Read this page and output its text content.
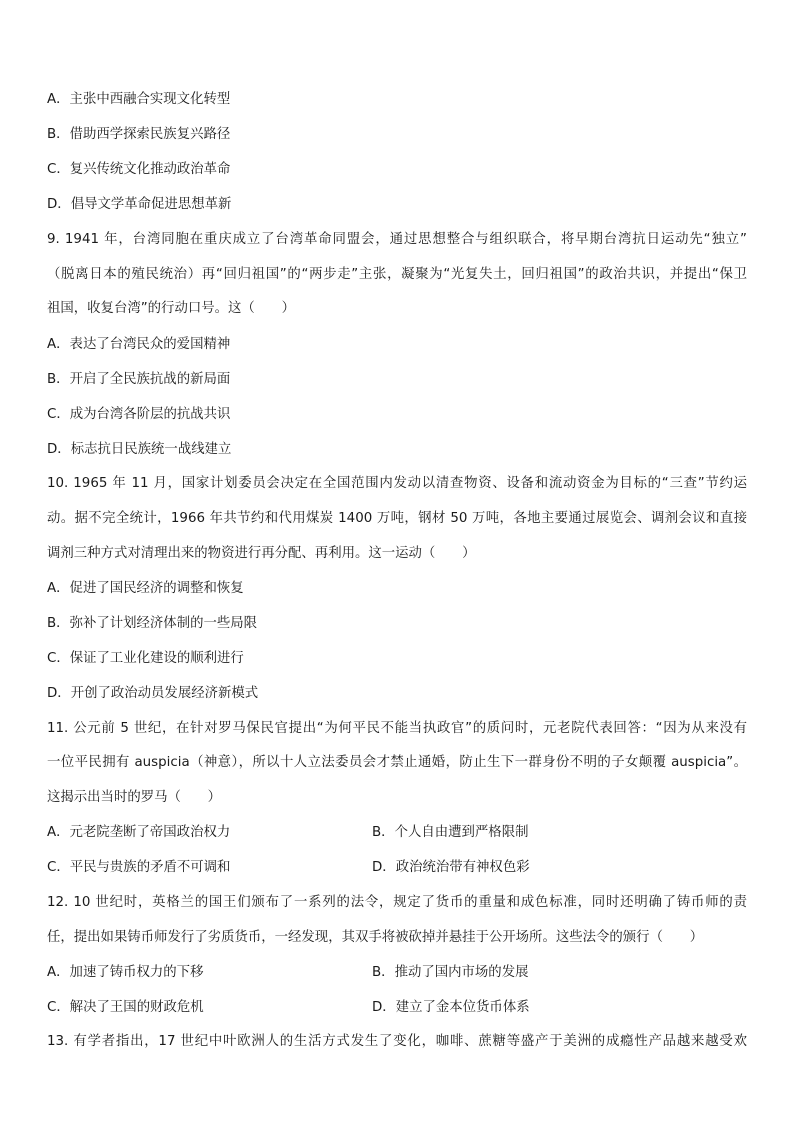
A．主张中西融合实现文化转型
B．借助西学探索民族复兴路径
C．复兴传统文化推动政治革命
D．倡导文学革命促进思想革新
9. 1941 年，台湾同胞在重庆成立了台湾革命同盟会，通过思想整合与组织联合，将早期台湾抗日运动先“独立”
（脱离日本的殖民统治）再“回归祖国”的“两步走”主张，凝聚为“光复失土，回归祖国”的政治共识，并提出“保卫
祖国，收复台湾”的行动口号。这（　　）
A．表达了台湾民众的爱国精神
B．开启了全民族抗战的新局面
C．成为台湾各阶层的抗战共识
D．标志抗日民族统一战线建立
10. 1965 年 11 月，国家计划委员会决定在全国范围内发动以清查物资、设备和流动资金为目标的“三查”节约运
动。据不完全统计，1966 年共节约和代用煤炭 1400 万吨，钢材 50 万吨，各地主要通过展览会、调剂会议和直接
调剂三种方式对清理出来的物资进行再分配、再利用。这一运动（　　）
A．促进了国民经济的调整和恢复
B．弥补了计划经济体制的一些局限
C．保证了工业化建设的顺利进行
D．开创了政治动员发展经济新模式
11. 公元前 5 世纪，在针对罗马保民官提出“为何平民不能当执政官”的质问时，元老院代表回答：“因为从来没有
一位平民拥有 auspicia（神意），所以十人立法委员会才禁止通婚，防止生下一群身份不明的子女颠覆 auspicia”。
这揭示出当时的罗马（　　）
A．元老院垄断了帝国政治权力	B．个人自由遭到严格限制
C．平民与贵族的矛盾不可调和	D．政治统治带有神权色彩
12. 10 世纪时，英格兰的国王们颁布了一系列的法令，规定了货币的重量和成色标准，同时还明确了铸币师的责
任，提出如果铸币师发行了劣质货币，一经发现，其双手将被砍掉并悬挂于公开场所。这些法令的颁行（　　）
A．加速了铸币权力的下移	B．推动了国内市场的发展
C．解决了王国的财政危机	D．建立了金本位货币体系
13. 有学者指出，17 世纪中叶欧洲人的生活方式发生了变化，咖啡、蔗糖等盛产于美洲的成瘾性产品越来越受欢
